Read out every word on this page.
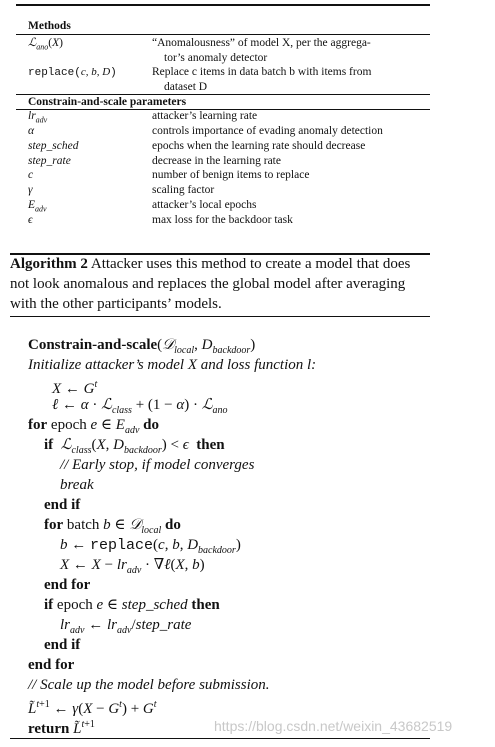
Methods
ℒ$_{ano}$(X)	“Anomalousness” of model X, per the aggrega-
tor’s anomaly detector
replace(c, b, D)	Replace c items in data batch b with items from
dataset D
Constrain-and-scale parameters
$lr_{adv}$	attacker’s learning rate
α	controls importance of evading anomaly detection
step_sched	epochs when the learning rate should decrease
step_rate	decrease in the learning rate
c	number of benign items to replace
γ	scaling factor
$E_{adv}$	attacker’s local epochs
ϵ	max loss for the backdoor task
Algorithm 2 Attacker uses this method to create a model that does not look anomalous and replaces the global model after averaging with the other participants’ models.
Constrain-and-scale(𝒟$_{local}$, $D_{backdoor}$)
Initialize attacker’s model X and loss function l:
X ← $G^t$
ℓ ← α · ℒ$_{class}$ + (1 − α) · ℒ$_{ano}$
for epoch e ∈ $E_{adv}$ do
if ℒ$_{class}$(X, $D_{backdoor}) < \epsilon$ then
// Early stop, if model converges
break
end if
for batch b ∈ 𝒟$_{local}$ do
b ← replace(c, b, $D_{backdoor}$)
X ← $X - lr_{adv}$ · ∇ℓ(X, b)
end for
if epoch e ∈ step_sched then
$lr_{adv}$ ← $lr_{adv}/step\_rate$
end if
end for
// Scale up the model before submission.
L̃$^{t+1}$ ← $\gamma(X - G^t) + G^t$
return L̃$^{t+1}$	https://blog.csdn.net/weixin_43682519
